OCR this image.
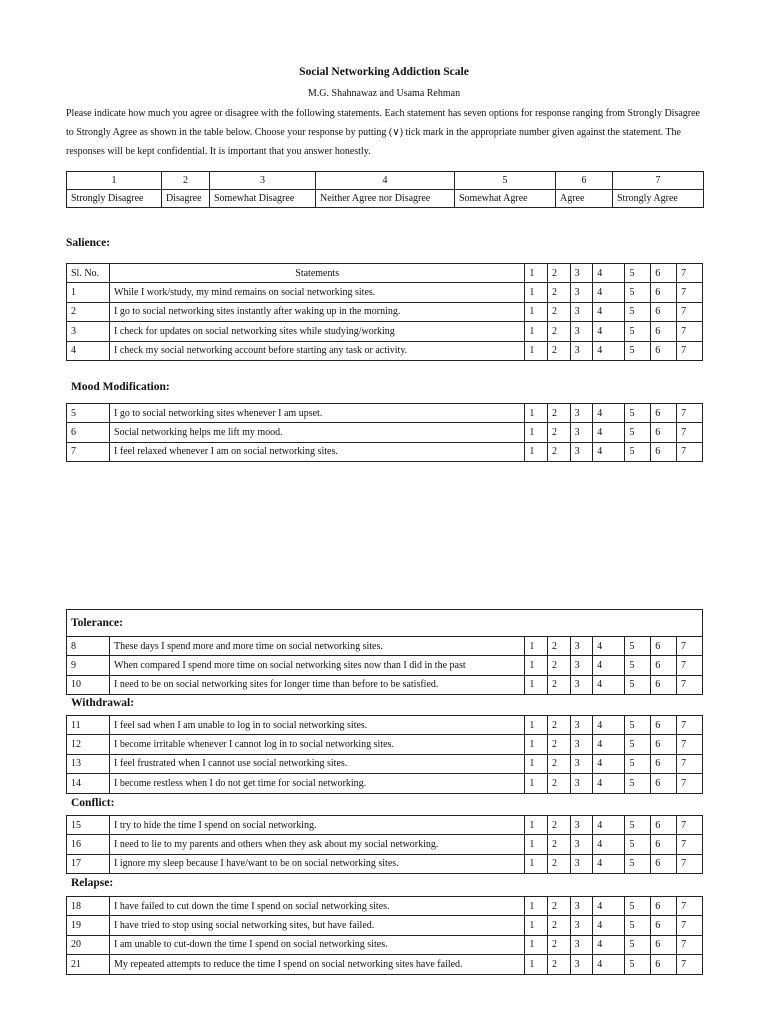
Social Networking Addiction Scale
M.G. Shahnawaz and Usama Rehman
Please indicate how much you agree or disagree with the following statements. Each statement has seven options for response ranging from Strongly Disagree to Strongly Agree as shown in the table below. Choose your response by putting (∨) tick mark in the appropriate number given against the statement. The responses will be kept confidential. It is important that you answer honestly.
1	2	3	4	5	6	7
Strongly Disagree	Disagree	Somewhat Disagree	Neither Agree nor Disagree	Somewhat Agree	Agree	Strongly Agree
Salience:
Sl. No.	Statements	1	2	3	4	5	6	7
1	While I work/study, my mind remains on social networking sites.	1	2	3	4	5	6	7
2	I go to social networking sites instantly after waking up in the morning.	1	2	3	4	5	6	7
3	I check for updates on social networking sites while studying/working	1	2	3	4	5	6	7
4	I check my social networking account before starting any task or activity.	1	2	3	4	5	6	7
Mood Modification:
5	I go to social networking sites whenever I am upset.	1	2	3	4	5	6	7
6	Social networking helps me lift my mood.	1	2	3	4	5	6	7
7	I feel relaxed whenever I am on social networking sites.	1	2	3	4	5	6	7
Tolerance:								
8	These days I spend more and more time on social networking sites.	1	2	3	4	5	6	7
9	When compared I spend more time on social networking sites now than I did in the past	1	2	3	4	5	6	7
10	I need to be on social networking sites for longer time than before to be satisfied.	1	2	3	4	5	6	7
Withdrawal:
11	I feel sad when I am unable to log in to social networking sites.	1	2	3	4	5	6	7
12	I become irritable whenever I cannot log in to social networking sites.	1	2	3	4	5	6	7
13	I feel frustrated when I cannot use social networking sites.	1	2	3	4	5	6	7
14	I become restless when I do not get time for social networking.	1	2	3	4	5	6	7
Conflict:
15	I try to hide the time I spend on social networking.	1	2	3	4	5	6	7
16	I need to lie to my parents and others when they ask about my social networking.	1	2	3	4	5	6	7
17	I ignore my sleep because I have/want to be on social networking sites.	1	2	3	4	5	6	7
Relapse:
18	I have failed to cut down the time I spend on social networking sites.	1	2	3	4	5	6	7
19	I have tried to stop using social networking sites, but have failed.	1	2	3	4	5	6	7
20	I am unable to cut-down the time I spend on social networking sites.	1	2	3	4	5	6	7
21	My repeated attempts to reduce the time I spend on social networking sites have failed.	1	2	3	4	5	6	7
